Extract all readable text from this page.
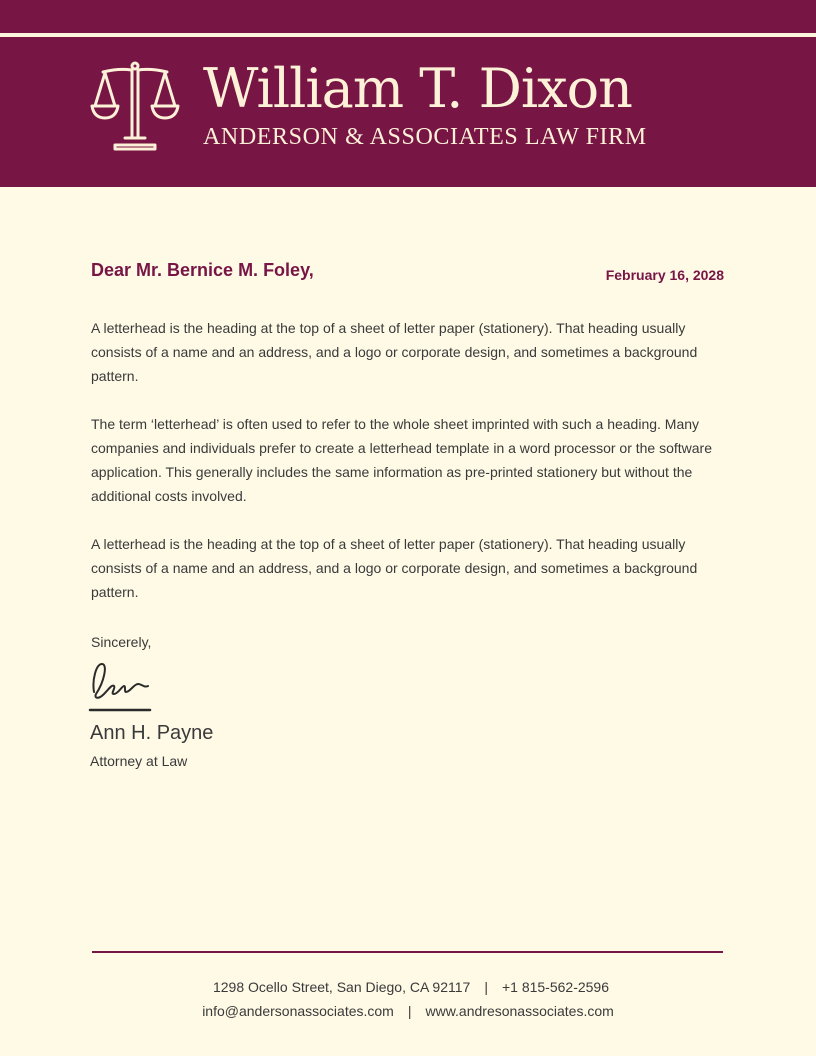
William T. Dixon
ANDERSON & ASSOCIATES LAW FIRM
Dear Mr. Bernice M. Foley,	February 16, 2028

A letterhead is the heading at the top of a sheet of letter paper (stationery). That heading usually consists of a name and an address, and a logo or corporate design, and sometimes a background pattern.

The term ‘letterhead’ is often used to refer to the whole sheet imprinted with such a heading. Many companies and individuals prefer to create a letterhead template in a word processor or the software application. This generally includes the same information as pre-printed stationery but without the additional costs involved.

A letterhead is the heading at the top of a sheet of letter paper (stationery). That heading usually consists of a name and an address, and a logo or corporate design, and sometimes a background pattern.

Sincerely,
Ann H. Payne
Attorney at Law
1298 Ocello Street, San Diego, CA 92117 | +1 815-562-2596
info@andersonassociates.com | www.andresonassociates.com
